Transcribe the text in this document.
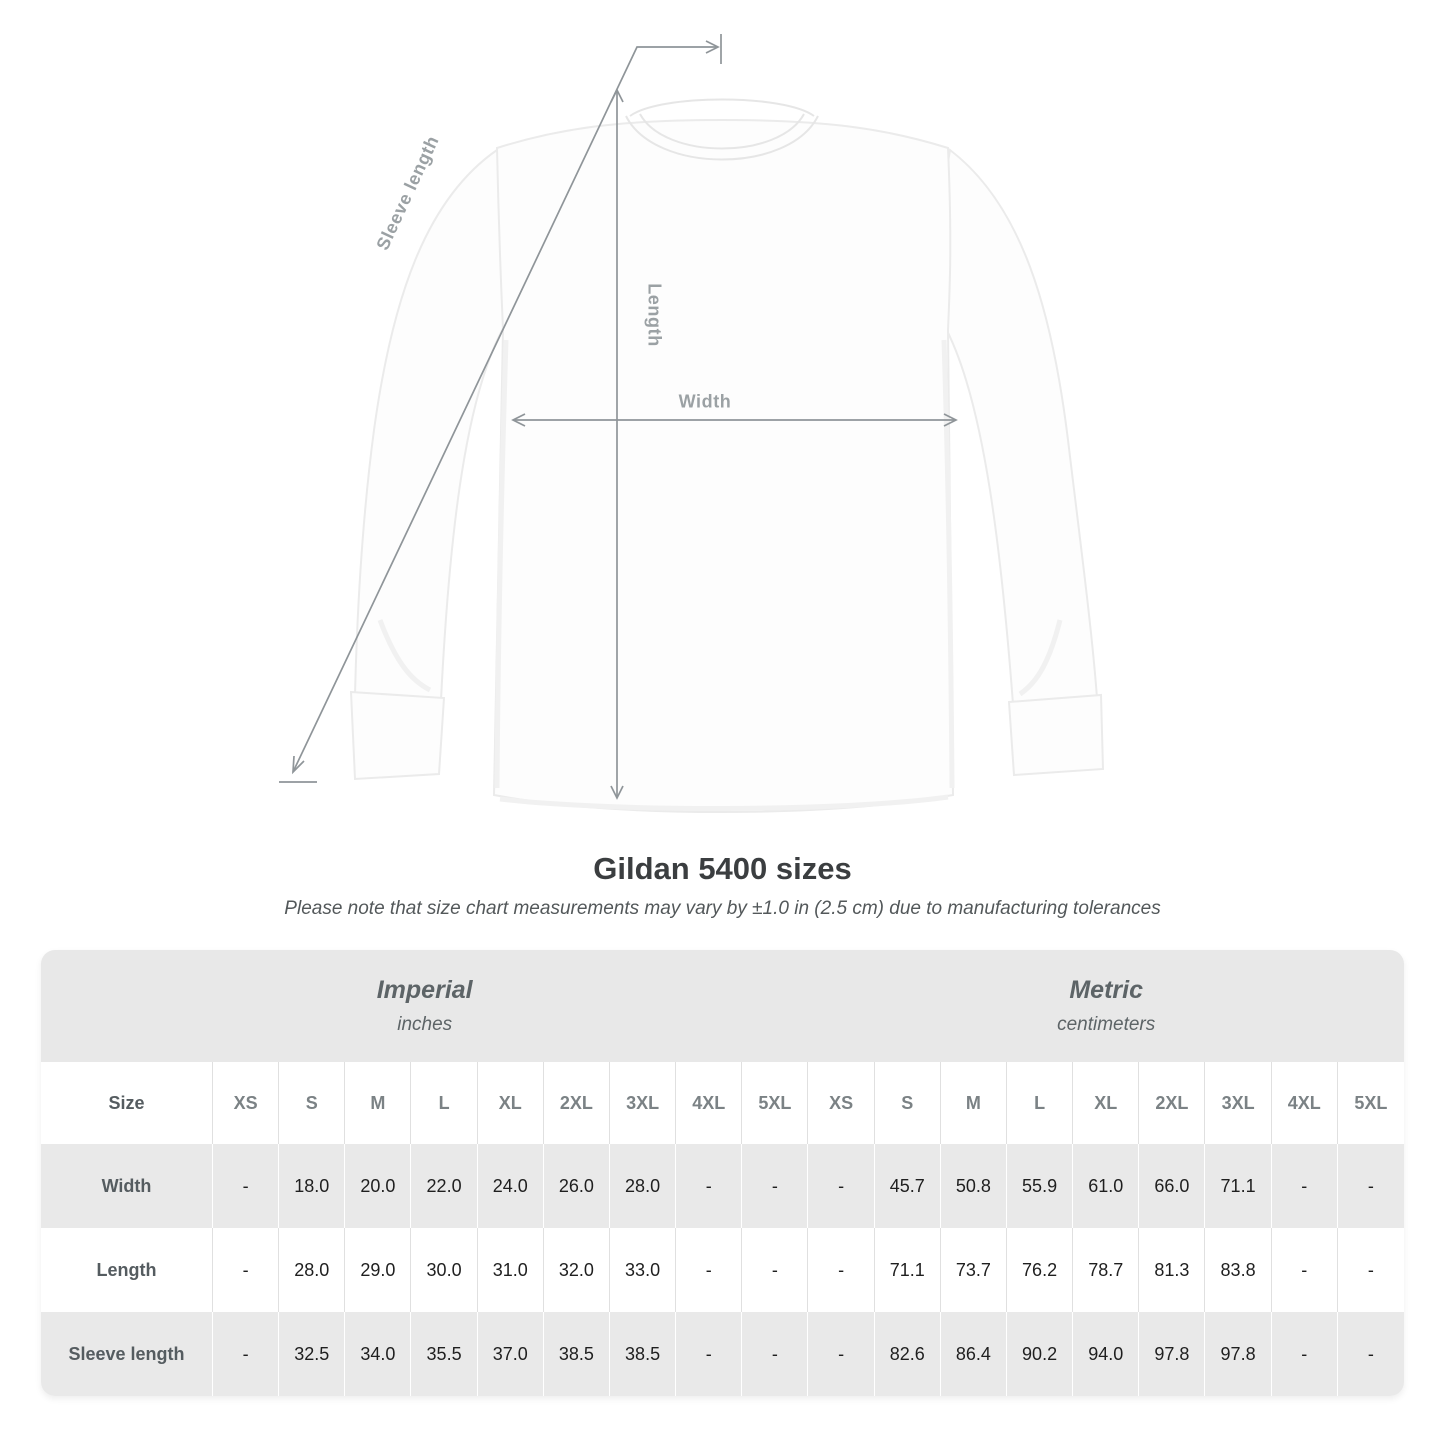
Sleeve length
Length
Width
Gildan 5400 sizes
Please note that size chart measurements may vary by ±1.0 in (2.5 cm) due to manufacturing tolerances
Imperial
inches
Metric
centimeters
Size	XS	S	M	L	XL	2XL	3XL	4XL	5XL	XS	S	M	L	XL	2XL	3XL	4XL	5XL
Width	-	18.0	20.0	22.0	24.0	26.0	28.0	-	-	-	45.7	50.8	55.9	61.0	66.0	71.1	-	-
Length	-	28.0	29.0	30.0	31.0	32.0	33.0	-	-	-	71.1	73.7	76.2	78.7	81.3	83.8	-	-
Sleeve length	-	32.5	34.0	35.5	37.0	38.5	38.5	-	-	-	82.6	86.4	90.2	94.0	97.8	97.8	-	-
